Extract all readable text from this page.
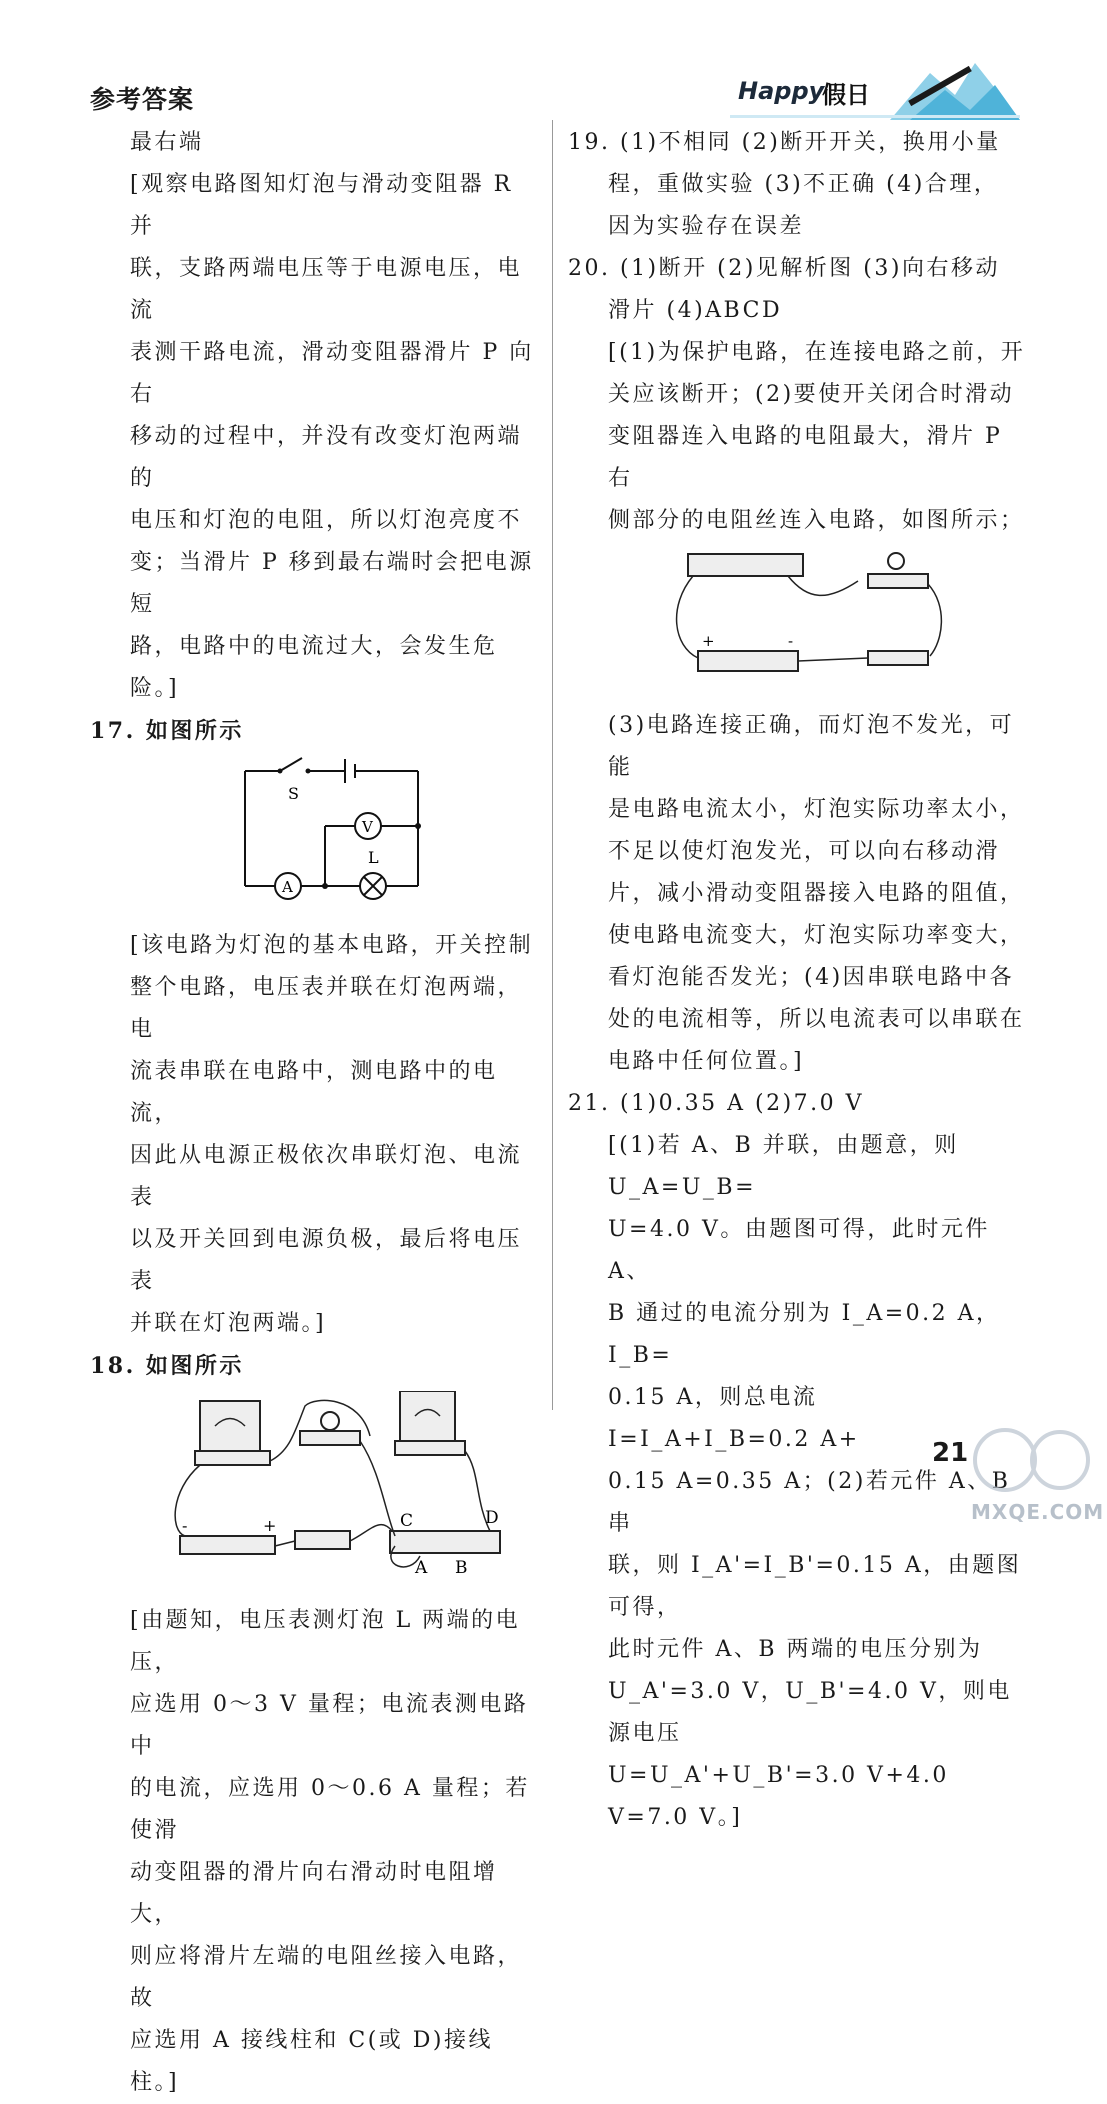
参考答案	Happy
假日

最右端

[观察电路图知灯泡与滑动变阻器 R 并

联，支路两端电压等于电源电压，电流

表测干路电流，滑动变阻器滑片 P 向右

移动的过程中，并没有改变灯泡两端的

电压和灯泡的电阻，所以灯泡亮度不

变；当滑片 P 移到最右端时会把电源短

路，电路中的电流过大，会发生危险。]

17. 如图所示

S
V
L
A

[该电路为灯泡的基本电路，开关控制

整个电路，电压表并联在灯泡两端，电

流表串联在电路中，测电路中的电流，

因此从电源正极依次串联灯泡、电流表

以及开关回到电源负极，最后将电压表

并联在灯泡两端。]

18. 如图所示

C	D
A B
-	+

[由题知，电压表测灯泡 L 两端的电压，

应选用 0～3 V 量程；电流表测电路中

的电流，应选用 0～0.6 A 量程；若使滑

动变阻器的滑片向右滑动时电阻增大，

则应将滑片左端的电阻丝接入电路，故

应选用 A 接线柱和 C(或 D)接线柱。]

19. (1)不相同 (2)断开开关，换用小量

程，重做实验 (3)不正确 (4)合理，

因为实验存在误差

20. (1)断开 (2)见解析图 (3)向右移动

滑片 (4)ABCD

[(1)为保护电路，在连接电路之前，开

关应该断开；(2)要使开关闭合时滑动

变阻器连入电路的电阻最大，滑片 P 右

侧部分的电阻丝连入电路，如图所示；

+	-

(3)电路连接正确，而灯泡不发光，可能

是电路电流太小，灯泡实际功率太小，

不足以使灯泡发光，可以向右移动滑

片，减小滑动变阻器接入电路的阻值，

使电路电流变大，灯泡实际功率变大，

看灯泡能否发光；(4)因串联电路中各

处的电流相等，所以电流表可以串联在

电路中任何位置。]

21. (1)0.35 A (2)7.0 V

[(1)若 A、B 并联，由题意，则 U_A=U_B=

U=4.0 V。由题图可得，此时元件 A、

B 通过的电流分别为 I_A=0.2 A，I_B=

0.15 A，则总电流 I=I_A+I_B=0.2 A+

0.15 A=0.35 A；(2)若元件 A、B 串

联，则 I_A'=I_B'=0.15 A，由题图可得，

此时元件 A、B 两端的电压分别为

U_A'=3.0 V，U_B'=4.0 V，则电源电压

U=U_A'+U_B'=3.0 V+4.0 V=7.0 V。]

21
MXQE.COM
